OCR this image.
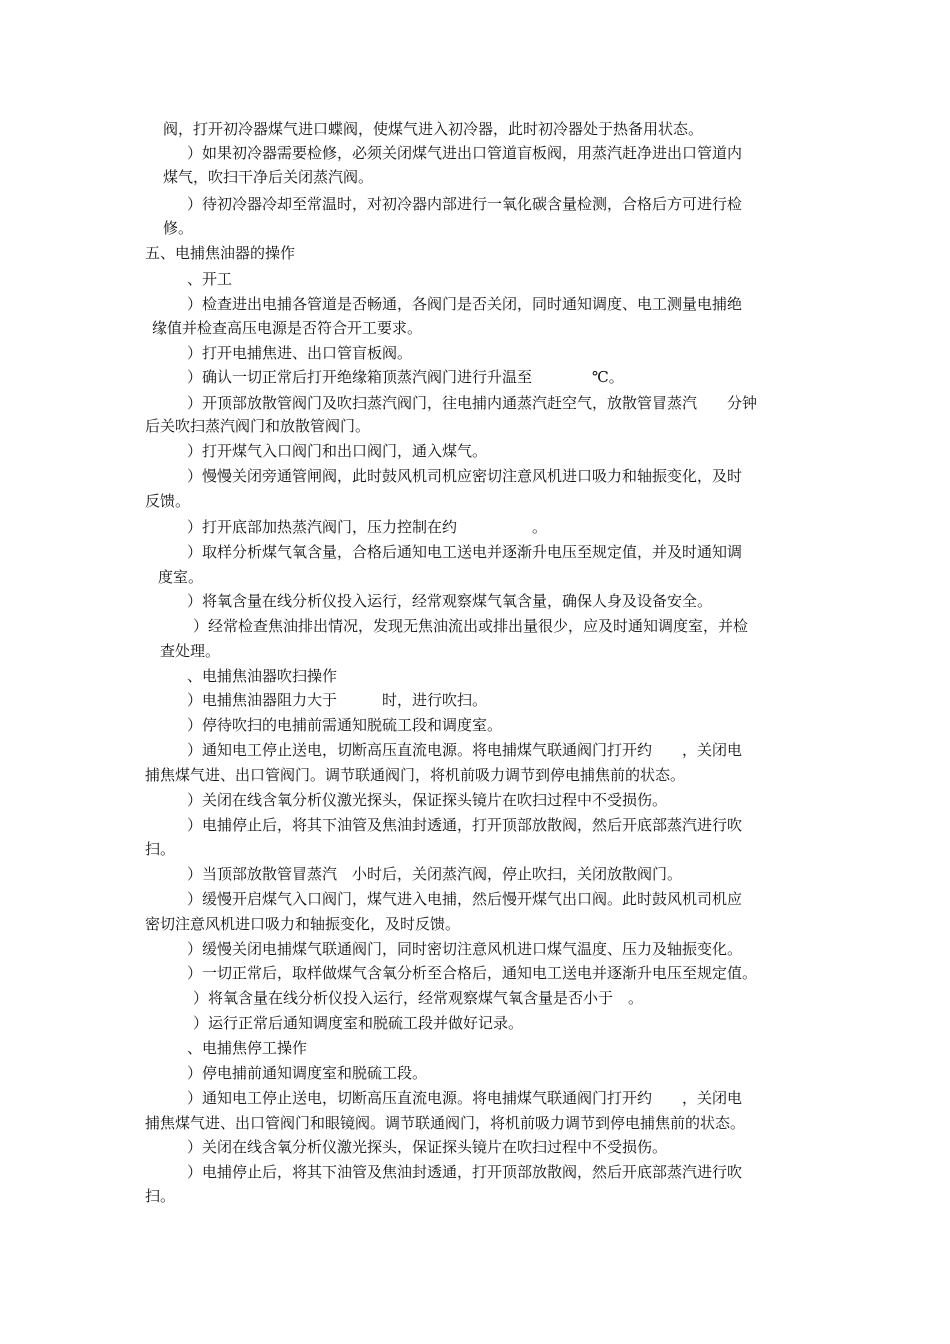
阀，打开初冷器煤气进口蝶阀，使煤气进入初冷器，此时初冷器处于热备用状态。
）如果初冷器需要检修，必须关闭煤气进出口管道盲板阀，用蒸汽赶净进出口管道内
煤气，吹扫干净后关闭蒸汽阀。
）待初冷器冷却至常温时，对初冷器内部进行一氧化碳含量检测，合格后方可进行检
修。
五、电捕焦油器的操作
、开工
）检查进出电捕各管道是否畅通，各阀门是否关闭，同时通知调度、电工测量电捕绝
缘值并检查高压电源是否符合开工要求。
）打开电捕焦进、出口管盲板阀。
）确认一切正常后打开绝缘箱顶蒸汽阀门进行升温至　　　　℃。
）开顶部放散管阀门及吹扫蒸汽阀门，往电捕内通蒸汽赶空气，放散管冒蒸汽　　分钟
后关吹扫蒸汽阀门和放散管阀门。
）打开煤气入口阀门和出口阀门，通入煤气。
）慢慢关闭旁通管闸阀，此时鼓风机司机应密切注意风机进口吸力和轴振变化，及时
反馈。
）打开底部加热蒸汽阀门，压力控制在约　　　　　。
）取样分析煤气氧含量，合格后通知电工送电并逐渐升电压至规定值，并及时通知调
度室。
）将氧含量在线分析仪投入运行，经常观察煤气氧含量，确保人身及设备安全。
）经常检查焦油排出情况，发现无焦油流出或排出量很少，应及时通知调度室，并检
查处理。
、电捕焦油器吹扫操作
）电捕焦油器阻力大于　　　时，进行吹扫。
）停待吹扫的电捕前需通知脱硫工段和调度室。
）通知电工停止送电，切断高压直流电源。将电捕煤气联通阀门打开约　　，关闭电
捕焦煤气进、出口管阀门。调节联通阀门，将机前吸力调节到停电捕焦前的状态。
）关闭在线含氧分析仪激光探头，保证探头镜片在吹扫过程中不受损伤。
）电捕停止后，将其下油管及焦油封透通，打开顶部放散阀，然后开底部蒸汽进行吹
扫。
）当顶部放散管冒蒸汽　小时后，关闭蒸汽阀，停止吹扫，关闭放散阀门。
）缓慢开启煤气入口阀门，煤气进入电捕，然后慢开煤气出口阀。此时鼓风机司机应
密切注意风机进口吸力和轴振变化，及时反馈。
）缓慢关闭电捕煤气联通阀门，同时密切注意风机进口煤气温度、压力及轴振变化。
）一切正常后，取样做煤气含氧分析至合格后，通知电工送电并逐渐升电压至规定值。
）将氧含量在线分析仪投入运行，经常观察煤气氧含量是否小于　。
）运行正常后通知调度室和脱硫工段并做好记录。
、电捕焦停工操作
）停电捕前通知调度室和脱硫工段。
）通知电工停止送电，切断高压直流电源。将电捕煤气联通阀门打开约　　，关闭电
捕焦煤气进、出口管阀门和眼镜阀。调节联通阀门，将机前吸力调节到停电捕焦前的状态。
）关闭在线含氧分析仪激光探头，保证探头镜片在吹扫过程中不受损伤。
）电捕停止后，将其下油管及焦油封透通，打开顶部放散阀，然后开底部蒸汽进行吹
扫。
